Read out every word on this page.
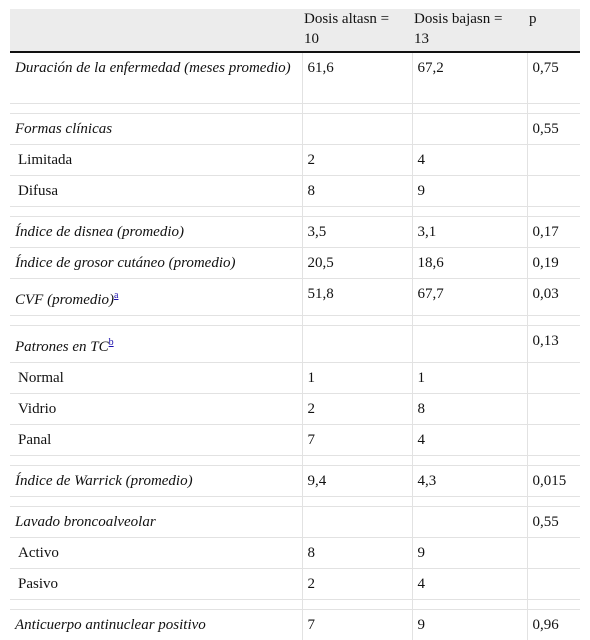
	Dosis altasn = 10	Dosis bajasn = 13	p
Duración de la enfermedad (meses promedio)	61,6	67,2	0,75

Formas clínicas			0,55
Limitada	2	4	
Difusa	8	9	

Índice de disnea (promedio)	3,5	3,1	0,17
Índice de grosor cutáneo (promedio)	20,5	18,6	0,19
CVF (promedio)$^a$	51,8	67,7	0,03

Patrones en TC$^b$			0,13
Normal	1	1	
Vidrio	2	8	
Panal	7	4	

Índice de Warrick (promedio)	9,4	4,3	0,015

Lavado broncoalveolar			0,55
Activo	8	9	
Pasivo	2	4	

Anticuerpo antinuclear positivo	7	9	0,96
